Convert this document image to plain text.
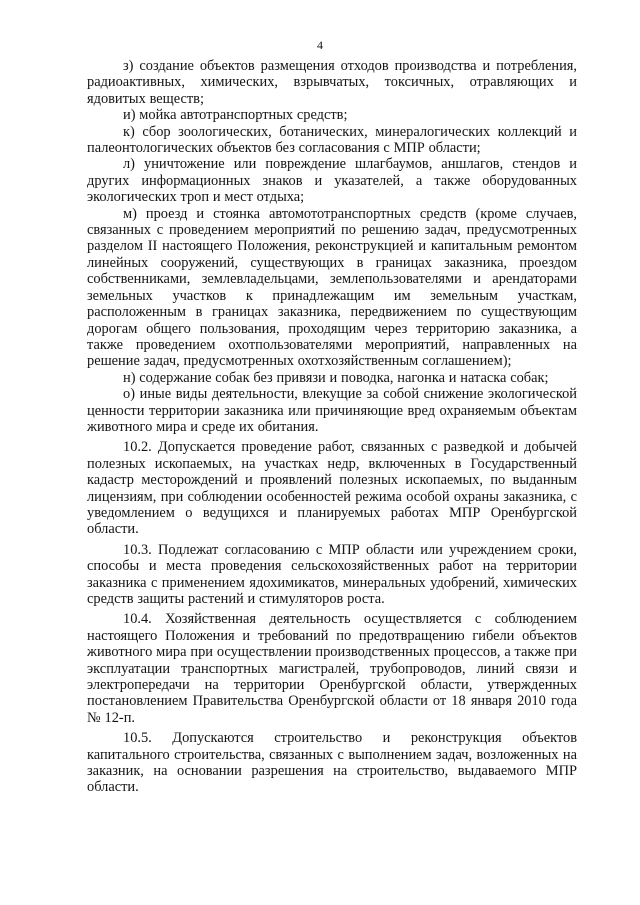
4

з) создание объектов размещения отходов производства и потребления, радиоактивных, химических, взрывчатых, токсичных, отравляющих и ядовитых веществ;

и) мойка автотранспортных средств;

к) сбор зоологических, ботанических, минералогических коллекций и палеонтологических объектов без согласования с МПР области;

л) уничтожение или повреждение шлагбаумов, аншлагов, стендов и других информационных знаков и указателей, а также оборудованных экологических троп и мест отдыха;

м) проезд и стоянка автомототранспортных средств (кроме случаев, связанных с проведением мероприятий по решению задач, предусмотренных разделом II настоящего Положения, реконструкцией и капитальным ремонтом линейных сооружений, существующих в границах заказника, проездом собственниками, землевладельцами, землепользователями и арендаторами земельных участков к принадлежащим им земельным участкам, расположенным в границах заказника, передвижением по существующим дорогам общего пользования, проходящим через территорию заказника, а также проведением охотпользователями мероприятий, направленных на решение задач, предусмотренных охотхозяйственным соглашением);

н) содержание собак без привязи и поводка, нагонка и натаска собак;

о) иные виды деятельности, влекущие за собой снижение экологической ценности территории заказника или причиняющие вред охраняемым объектам животного мира и среде их обитания.

10.2. Допускается проведение работ, связанных с разведкой и добычей полезных ископаемых, на участках недр, включенных в Государственный кадастр месторождений и проявлений полезных ископаемых, по выданным лицензиям, при соблюдении особенностей режима особой охраны заказника, с уведомлением о ведущихся и планируемых работах МПР Оренбургской области.

10.3. Подлежат согласованию с МПР области или учреждением сроки, способы и места проведения сельскохозяйственных работ на территории заказника с применением ядохимикатов, минеральных удобрений, химических средств защиты растений и стимуляторов роста.

10.4. Хозяйственная деятельность осуществляется с соблюдением настоящего Положения и требований по предотвращению гибели объектов животного мира при осуществлении производственных процессов, а также при эксплуатации транспортных магистралей, трубопроводов, линий связи и электропередачи на территории Оренбургской области, утвержденных постановлением Правительства Оренбургской области от 18 января 2010 года № 12-п.

10.5. Допускаются строительство и реконструкция объектов капитального строительства, связанных с выполнением задач, возложенных на заказник, на основании разрешения на строительство, выдаваемого МПР области.
